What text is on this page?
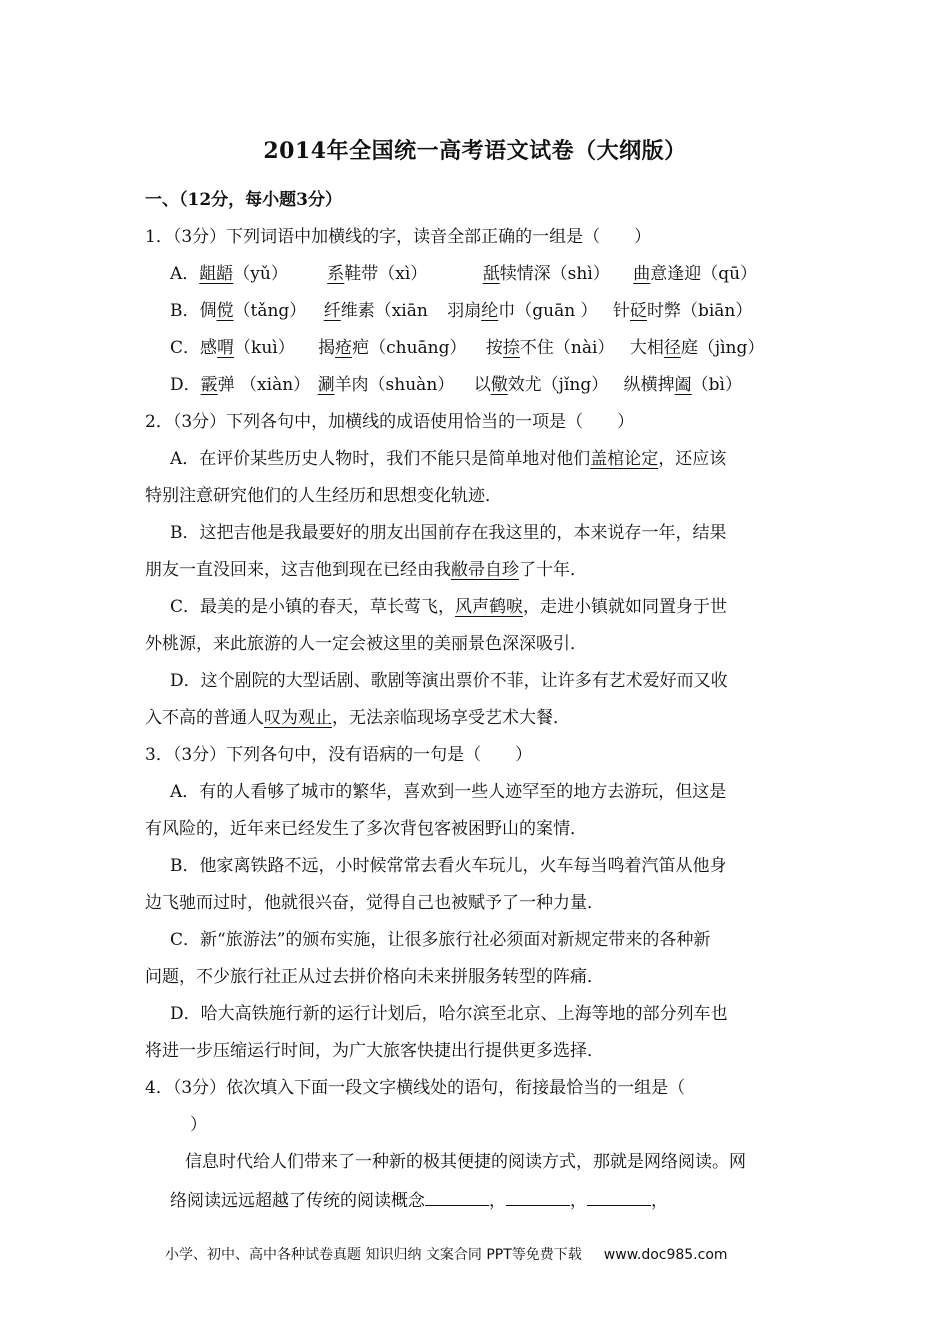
2014年全国统一高考语文试卷（大纲版）
一、（12分，每小题3分）
1．（3分）下列词语中加横线的字，读音全部正确的一组是（　　）
A．龃龉（yǔ） 系鞋带（xì）	舐犊情深（shì） 曲意逢迎（qū）
B．倜傥（tǎng） 纤维素（xiān 羽扇纶巾（guān ） 针砭时弊（biān）
C．感喟（kuì） 揭疮疤（chuāng） 按捺不住（nài） 大相径庭（jìng）
D．霰弹 （xiàn） 涮羊肉（shuàn） 以儆效尤（jǐng） 纵横捭阖（bì）
2．（3分）下列各句中，加横线的成语使用恰当的一项是（　　）
A．在评价某些历史人物时，我们不能只是简单地对他们盖棺论定，还应该
特别注意研究他们的人生经历和思想变化轨迹．
B．这把吉他是我最要好的朋友出国前存在我这里的，本来说存一年，结果
朋友一直没回来，这吉他到现在已经由我敝帚自珍了十年．
C．最美的是小镇的春天，草长莺飞，风声鹤唳，走进小镇就如同置身于世
外桃源，来此旅游的人一定会被这里的美丽景色深深吸引．
D．这个剧院的大型话剧、歌剧等演出票价不菲，让许多有艺术爱好而又收
入不高的普通人叹为观止，无法亲临现场享受艺术大餐．
3．（3分）下列各句中，没有语病的一句是（　　）
A．有的人看够了城市的繁华，喜欢到一些人迹罕至的地方去游玩，但这是
有风险的，近年来已经发生了多次背包客被困野山的案情．
B．他家离铁路不远，小时候常常去看火车玩儿，火车每当鸣着汽笛从他身
边飞驰而过时，他就很兴奋，觉得自己也被赋予了一种力量．
C．新“旅游法”的颁布实施，让很多旅行社必须面对新规定带来的各种新
问题，不少旅行社正从过去拼价格向未来拼服务转型的阵痛．
D．哈大高铁施行新的运行计划后，哈尔滨至北京、上海等地的部分列车也
将进一步压缩运行时间，为广大旅客快捷出行提供更多选择．
4．（3分）依次填入下面一段文字横线处的语句，衔接最恰当的一组是（
）
信息时代给人们带来了一种新的极其便捷的阅读方式，那就是网络阅读。网
络阅读远远超越了传统的阅读概念	，	，	，
小学、初中、高中各种试卷真题 知识归纳 文案合同 PPT等免费下载 www.doc985.com
